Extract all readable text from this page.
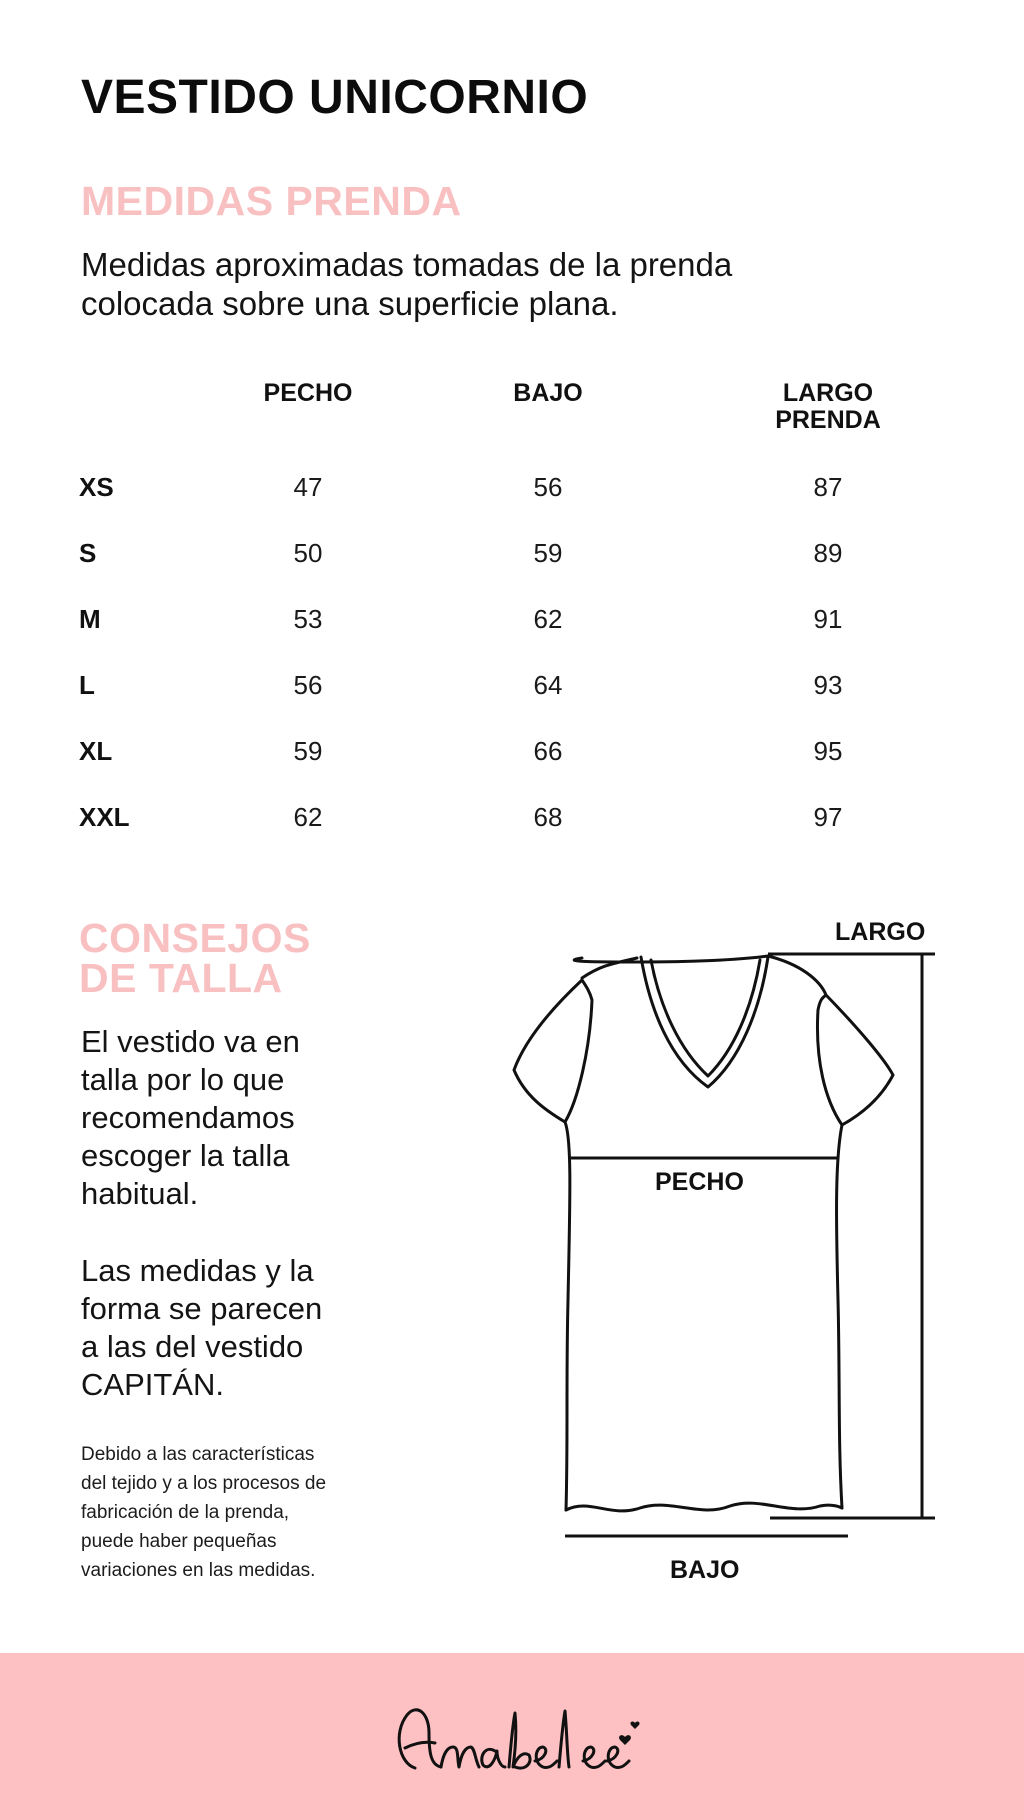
VESTIDO UNICORNIO
MEDIDAS PRENDA

Medidas aproximadas tomadas de la prenda
colocada sobre una superficie plana.

PECHO	BAJO	LARGO
PRENDA
XS	47	56	87
S	50	59	89
M	53	62	91
L	56	64	93
XL	59	66	95
XXL	62	68	97
CONSEJOS
DE TALLA

El vestido va en
talla por lo que
recomendamos
escoger la talla
habitual.

Las medidas y la
forma se parecen
a las del vestido
CAPITÁN.

Debido a las características
del tejido y a los procesos de
fabricación de la prenda,
puede haber pequeñas
variaciones en las medidas.

LARGO
PECHO
BAJO
Anabel lee
